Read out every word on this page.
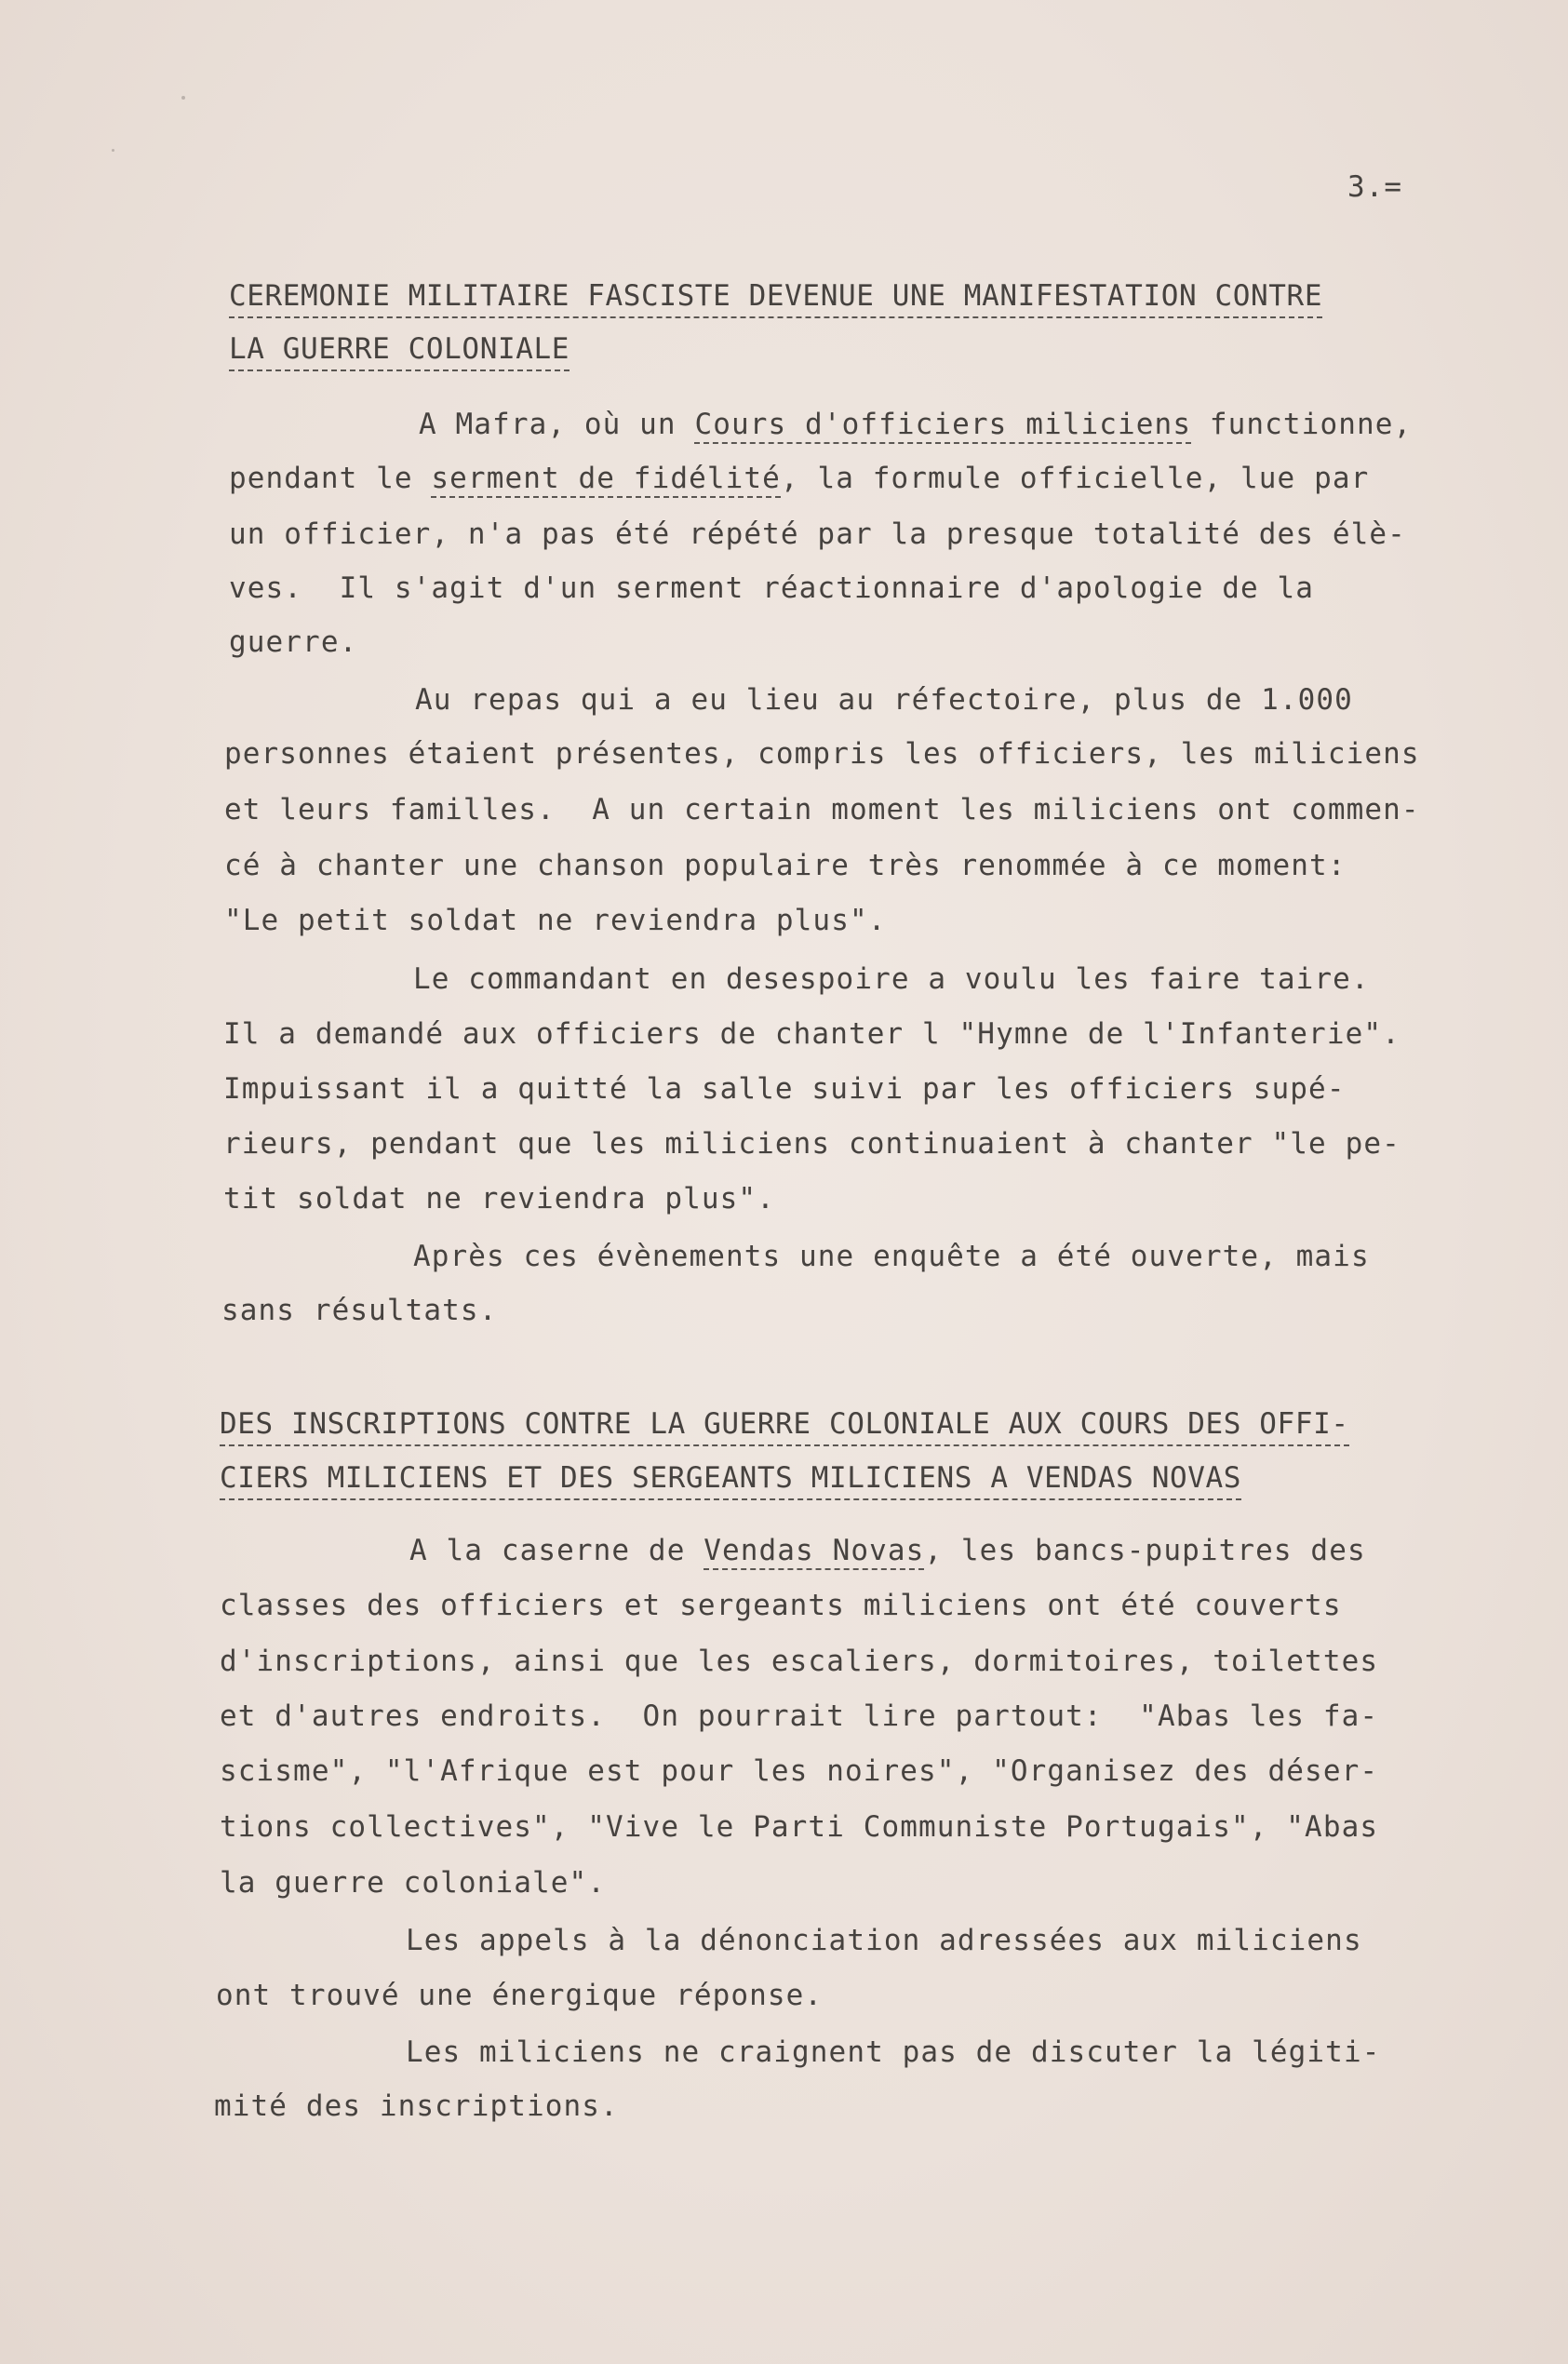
3.=
CEREMONIE MILITAIRE FASCISTE DEVENUE UNE MANIFESTATION CONTRE
LA GUERRE COLONIALE
A Mafra, où un Cours d'officiers miliciens functionne,
pendant le serment de fidélité, la formule officielle, lue par
un officier, n'a pas été répété par la presque totalité des élè-
ves.  Il s'agit d'un serment réactionnaire d'apologie de la
guerre.
Au repas qui a eu lieu au réfectoire, plus de 1.000
personnes étaient présentes, compris les officiers, les miliciens
et leurs familles.  A un certain moment les miliciens ont commen-
cé à chanter une chanson populaire très renommée à ce moment:
"Le petit soldat ne reviendra plus".
Le commandant en desespoire a voulu les faire taire.
Il a demandé aux officiers de chanter l "Hymne de l'Infanterie".
Impuissant il a quitté la salle suivi par les officiers supé-
rieurs, pendant que les miliciens continuaient à chanter "le pe-
tit soldat ne reviendra plus".
Après ces évènements une enquête a été ouverte, mais
sans résultats.
DES INSCRIPTIONS CONTRE LA GUERRE COLONIALE AUX COURS DES OFFI-
CIERS MILICIENS ET DES SERGEANTS MILICIENS A VENDAS NOVAS
A la caserne de Vendas Novas, les bancs-pupitres des
classes des officiers et sergeants miliciens ont été couverts
d'inscriptions, ainsi que les escaliers, dormitoires, toilettes
et d'autres endroits.  On pourrait lire partout:  "Abas les fa-
scisme", "l'Afrique est pour les noires", "Organisez des déser-
tions collectives", "Vive le Parti Communiste Portugais", "Abas
la guerre coloniale".
Les appels à la dénonciation adressées aux miliciens
ont trouvé une énergique réponse.
Les miliciens ne craignent pas de discuter la légiti-
mité des inscriptions.
